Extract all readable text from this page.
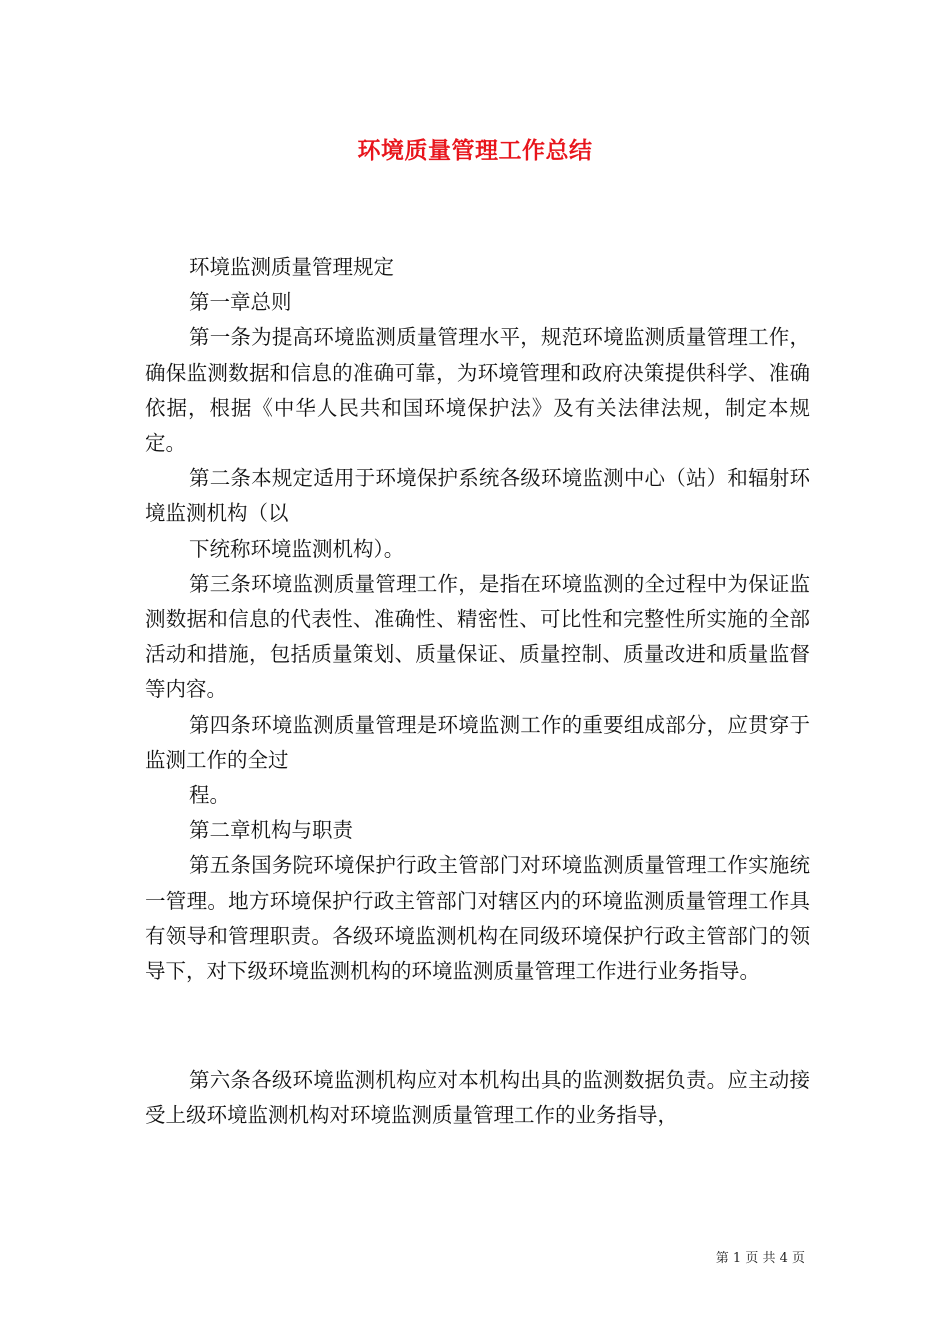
环境质量管理工作总结

环境监测质量管理规定

第一章总则

第一条为提高环境监测质量管理水平，规范环境监测质量管理工作，确保监测数据和信息的准确可靠，为环境管理和政府决策提供科学、准确依据，根据《中华人民共和国环境保护法》及有关法律法规，制定本规定。

第二条本规定适用于环境保护系统各级环境监测中心（站）和辐射环境监测机构（以

下统称环境监测机构）。

第三条环境监测质量管理工作，是指在环境监测的全过程中为保证监测数据和信息的代表性、准确性、精密性、可比性和完整性所实施的全部活动和措施，包括质量策划、质量保证、质量控制、质量改进和质量监督等内容。

第四条环境监测质量管理是环境监测工作的重要组成部分，应贯穿于监测工作的全过

程。

第二章机构与职责

第五条国务院环境保护行政主管部门对环境监测质量管理工作实施统一管理。地方环境保护行政主管部门对辖区内的环境监测质量管理工作具有领导和管理职责。各级环境监测机构在同级环境保护行政主管部门的领导下，对下级环境监测机构的环境监测质量管理工作进行业务指导。

第六条各级环境监测机构应对本机构出具的监测数据负责。应主动接受上级环境监测机构对环境监测质量管理工作的业务指导，

第 1 页 共 4 页
